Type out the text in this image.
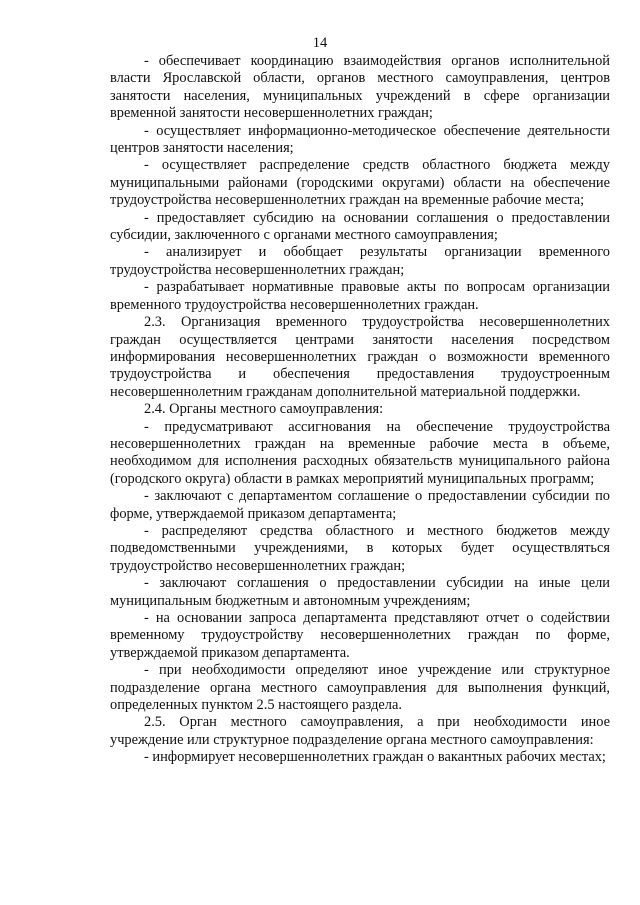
14

- обеспечивает координацию взаимодействия органов исполнительной власти Ярославской области, органов местного самоуправления, центров занятости населения, муниципальных учреждений в сфере организации временной занятости несовершеннолетних граждан;

- осуществляет информационно-методическое обеспечение деятельности центров занятости населения;

- осуществляет распределение средств областного бюджета между муниципальными районами (городскими округами) области на обеспечение трудоустройства несовершеннолетних граждан на временные рабочие места;

- предоставляет субсидию на основании соглашения о предоставлении субсидии, заключенного с органами местного самоуправления;

- анализирует и обобщает результаты организации временного трудоустройства несовершеннолетних граждан;

- разрабатывает нормативные правовые акты по вопросам организации временного трудоустройства несовершеннолетних граждан.

2.3. Организация временного трудоустройства несовершеннолетних граждан осуществляется центрами занятости населения посредством информирования несовершеннолетних граждан о возможности временного трудоустройства и обеспечения предоставления трудоустроенным несовершеннолетним гражданам дополнительной материальной поддержки.

2.4. Органы местного самоуправления:

- предусматривают ассигнования на обеспечение трудоустройства несовершеннолетних граждан на временные рабочие места в объеме, необходимом для исполнения расходных обязательств муниципального района (городского округа) области в рамках мероприятий муниципальных программ;

- заключают с департаментом соглашение о предоставлении субсидии по форме, утверждаемой приказом департамента;

- распределяют средства областного и местного бюджетов между подведомственными учреждениями, в которых будет осуществляться трудоустройство несовершеннолетних граждан;

- заключают соглашения о предоставлении субсидии на иные цели муниципальным бюджетным и автономным учреждениям;

- на основании запроса департамента представляют отчет о содействии временному трудоустройству несовершеннолетних граждан по форме, утверждаемой приказом департамента.

- при необходимости определяют иное учреждение или структурное подразделение органа местного самоуправления для выполнения функций, определенных пунктом 2.5 настоящего раздела.

2.5. Орган местного самоуправления, а при необходимости иное учреждение или структурное подразделение органа местного самоуправления:

- информирует несовершеннолетних граждан о вакантных рабочих местах;
